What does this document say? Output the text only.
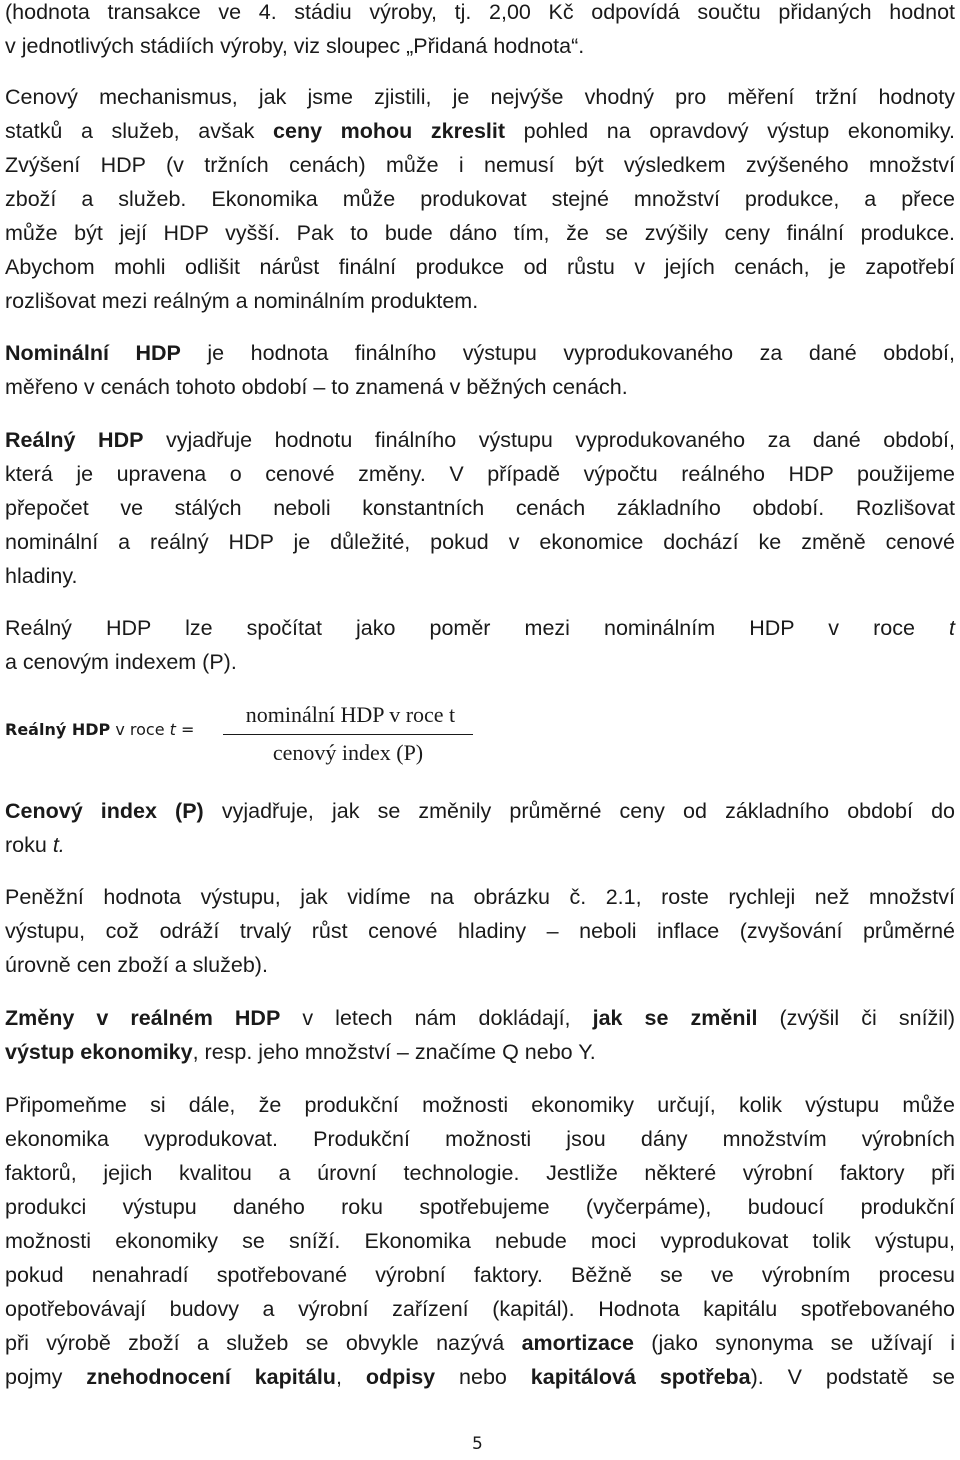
(hodnota transakce ve 4. stádiu výroby, tj. 2,00 Kč odpovídá součtu přidaných hodnot
v jednotlivých stádiích výroby, viz sloupec „Přidaná hodnota“.
Cenový mechanismus, jak jsme zjistili, je nejvýše vhodný pro měření tržní hodnoty
statků a služeb, avšak ceny mohou zkreslit pohled na opravdový výstup ekonomiky.
Zvýšení HDP (v tržních cenách) může i nemusí být výsledkem zvýšeného množství
zboží a služeb. Ekonomika může produkovat stejné množství produkce, a přece
může být její HDP vyšší. Pak to bude dáno tím, že se zvýšily ceny finální produkce.
Abychom mohli odlišit nárůst finální produkce od růstu v jejích cenách, je zapotřebí
rozlišovat mezi reálným a nominálním produktem.
Nominální HDP je hodnota finálního výstupu vyprodukovaného za dané období,
měřeno v cenách tohoto období – to znamená v běžných cenách.
Reálný HDP vyjadřuje hodnotu finálního výstupu vyprodukovaného za dané období,
která je upravena o cenové změny. V případě výpočtu reálného HDP použijeme
přepočet ve stálých neboli konstantních cenách základního období. Rozlišovat
nominální a reálný HDP je důležité, pokud v ekonomice dochází ke změně cenové
hladiny.
Reálný HDP lze spočítat jako poměr mezi nominálním HDP v roce t
a cenovým indexem (P).
Reálný HDP v roce t =
nominální HDP v roce t
cenový index (P)
Cenový index (P) vyjadřuje, jak se změnily průměrné ceny od základního období do
roku t.
Peněžní hodnota výstupu, jak vidíme na obrázku č. 2.1, roste rychleji než množství
výstupu, což odráží trvalý růst cenové hladiny – neboli inflace (zvyšování průměrné
úrovně cen zboží a služeb).
Změny v reálném HDP v letech nám dokládají, jak se změnil (zvýšil či snížil)
výstup ekonomiky, resp. jeho množství – značíme Q nebo Y.
Připomeňme si dále, že produkční možnosti ekonomiky určují, kolik výstupu může
ekonomika vyprodukovat. Produkční možnosti jsou dány množstvím výrobních
faktorů, jejich kvalitou a úrovní technologie. Jestliže některé výrobní faktory při
produkci výstupu daného roku spotřebujeme (vyčerpáme), budoucí produkční
možnosti ekonomiky se sníží. Ekonomika nebude moci vyprodukovat tolik výstupu,
pokud nenahradí spotřebované výrobní faktory. Běžně se ve výrobním procesu
opotřebovávají budovy a výrobní zařízení (kapitál). Hodnota kapitálu spotřebovaného
při výrobě zboží a služeb se obvykle nazývá amortizace (jako synonyma se užívají i
pojmy znehodnocení kapitálu, odpisy nebo kapitálová spotřeba). V podstatě se
5
